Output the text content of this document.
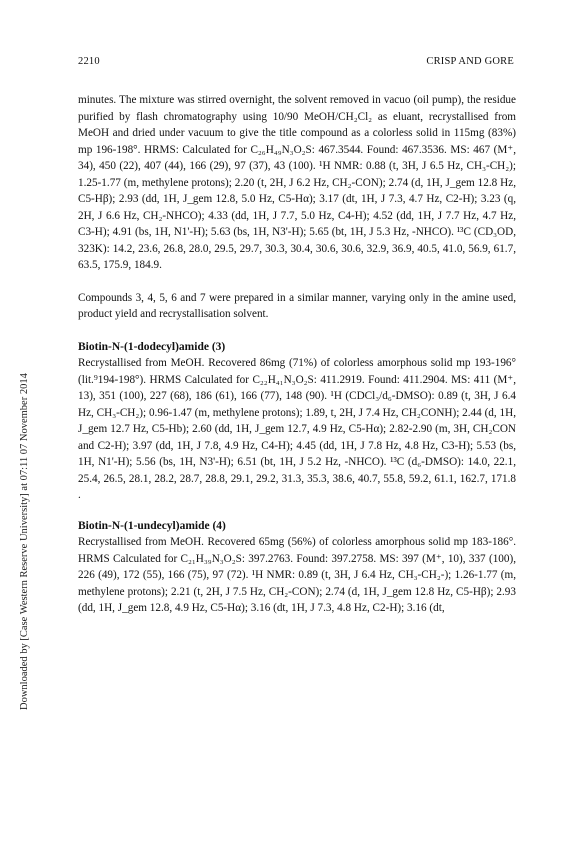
2210	CRISP AND GORE
Downloaded by [Case Western Reserve University] at 07:11 07 November 2014

minutes. The mixture was stirred overnight, the solvent removed in vacuo (oil pump), the residue purified by flash chromatography using 10/90 MeOH/CH₂Cl₂ as eluant, recrystallised from MeOH and dried under vacuum to give the title compound as a colorless solid in 115mg (83%) mp 196-198°. HRMS: Calculated for C₂₆H₄₉N₃O₂S: 467.3544. Found: 467.3536. MS: 467 (M⁺, 34), 450 (22), 407 (44), 166 (29), 97 (37), 43 (100). ¹H NMR: 0.88 (t, 3H, J 6.5 Hz, CH₃-CH₂); 1.25-1.77 (m, methylene protons); 2.20 (t, 2H, J 6.2 Hz, CH₂-CON); 2.74 (d, 1H, J_gem 12.8 Hz, C5-Hβ); 2.93 (dd, 1H, J_gem 12.8, 5.0 Hz, C5-Hα); 3.17 (dt, 1H, J 7.3, 4.7 Hz, C2-H); 3.23 (q, 2H, J 6.6 Hz, CH₂-NHCO); 4.33 (dd, 1H, J 7.7, 5.0 Hz, C4-H); 4.52 (dd, 1H, J 7.7 Hz, 4.7 Hz, C3-H); 4.91 (bs, 1H, N1'-H); 5.63 (bs, 1H, N3'-H); 5.65 (bt, 1H, J 5.3 Hz, -NHCO). ¹³C (CD₃OD, 323K): 14.2, 23.6, 26.8, 28.0, 29.5, 29.7, 30.3, 30.4, 30.6, 30.6, 32.9, 36.9, 40.5, 41.0, 56.9, 61.7, 63.5, 175.9, 184.9.

Compounds 3, 4, 5, 6 and 7 were prepared in a similar manner, varying only in the amine used, product yield and recrystallisation solvent.

Biotin-N-(1-dodecyl)amide (3)

Recrystallised from MeOH. Recovered 86mg (71%) of colorless amorphous solid mp 193-196° (lit.⁹194-198°). HRMS Calculated for C₂₂H₄₁N₃O₂S: 411.2919. Found: 411.2904. MS: 411 (M⁺, 13), 351 (100), 227 (68), 186 (61), 166 (77), 148 (90). ¹H (CDCl₃/d₆-DMSO): 0.89 (t, 3H, J 6.4 Hz, CH₃-CH₂); 0.96-1.47 (m, methylene protons); 1.89, t, 2H, J 7.4 Hz, CH₂CONH); 2.44 (d, 1H, J_gem 12.7 Hz, C5-Hb); 2.60 (dd, 1H, J_gem 12.7, 4.9 Hz, C5-Hα); 2.82-2.90 (m, 3H, CH₂CON and C2-H); 3.97 (dd, 1H, J 7.8, 4.9 Hz, C4-H); 4.45 (dd, 1H, J 7.8 Hz, 4.8 Hz, C3-H); 5.53 (bs, 1H, N1'-H); 5.56 (bs, 1H, N3'-H); 6.51 (bt, 1H, J 5.2 Hz, -NHCO). ¹³C (d₆-DMSO): 14.0, 22.1, 25.4, 26.5, 28.1, 28.2, 28.7, 28.8, 29.1, 29.2, 31.3, 35.3, 38.6, 40.7, 55.8, 59.2, 61.1, 162.7, 171.8 .

Biotin-N-(1-undecyl)amide (4)

Recrystallised from MeOH. Recovered 65mg (56%) of colorless amorphous solid mp 183-186°. HRMS Calculated for C₂₁H₃₉N₃O₂S: 397.2763. Found: 397.2758. MS: 397 (M⁺, 10), 337 (100), 226 (49), 172 (55), 166 (75), 97 (72). ¹H NMR: 0.89 (t, 3H, J 6.4 Hz, CH₃-CH₂-); 1.26-1.77 (m, methylene protons); 2.21 (t, 2H, J 7.5 Hz, CH₂-CON); 2.74 (d, 1H, J_gem 12.8 Hz, C5-Hβ); 2.93 (dd, 1H, J_gem 12.8, 4.9 Hz, C5-Hα); 3.16 (dt, 1H, J 7.3, 4.8 Hz, C2-H); 3.16 (dt,
